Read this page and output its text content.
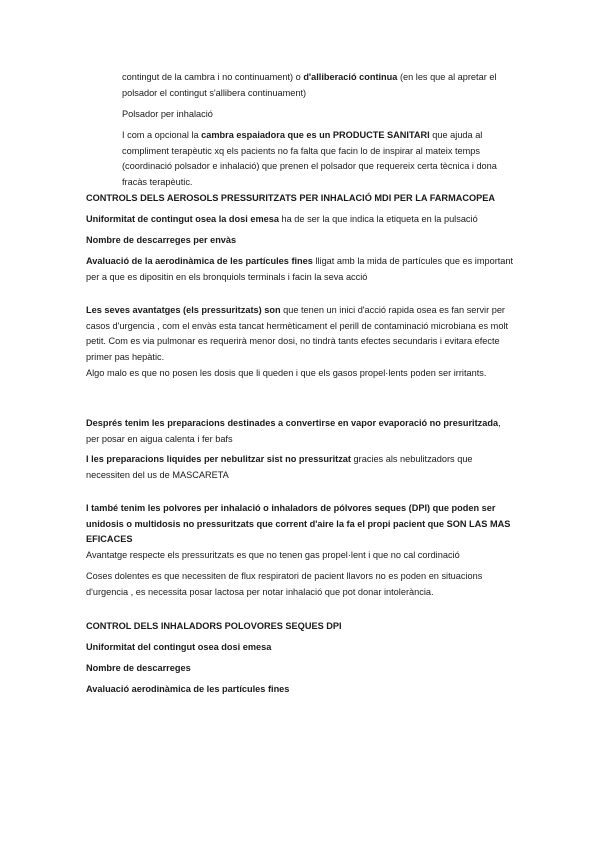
contingut de la cambra i no continuament) o d'alliberació continua (en les que al apretar el polsador el contingut s'allibera continuament)

Polsador per inhalació

I com a opcional la cambra espaiadora que es un PRODUCTE SANITARI que ajuda al compliment terapèutic xq els pacients no fa falta que facin lo de inspirar al mateix temps (coordinació polsador e inhalació) que prenen el polsador que requereix certa tècnica i dona fracàs terapèutic.

CONTROLS DELS AEROSOLS PRESSURITZATS PER INHALACIÓ MDI PER LA FARMACOPEA

Uniformitat de contingut osea la dosi emesa ha de ser la que indica la etiqueta en la pulsació

Nombre de descarreges per envàs

Avaluació de la aerodinàmica de les partícules fines lligat amb la mida de partícules que es important per a que es dipositin en els bronquiols terminals i facin la seva acció

Les seves avantatges (els pressuritzats) son que tenen un inici d'acció rapida osea es fan servir per casos d'urgencia , com el envàs esta tancat hermèticament el perill de contaminació microbiana es molt petit. Com es via pulmonar es requerirà menor dosi, no tindrà tants efectes secundaris i evitara efecte primer pas hepàtic.

Algo malo es que no posen les dosis que li queden i que els gasos propel·lents poden ser irritants.

Després tenim les preparacions destinades a convertirse en vapor evaporació no presuritzada, per posar en aigua calenta i fer bafs

I les preparacions liquides per nebulitzar sist no pressuritzat gracies als nebulitzadors que necessiten del us de MASCARETA

I també tenim les polvores per inhalació o inhaladors de pólvores seques (DPI) que poden ser unidosis o multidosis no pressuritzats que corrent d'aire la fa el propi pacient que SON LAS MAS EFICACES

Avantatge respecte els pressuritzats es que no tenen gas propel·lent i que no cal cordinació

Coses dolentes es que necessiten de flux respiratori de pacient llavors no es poden en situacions d'urgencia , es necessita posar lactosa per notar inhalació que pot donar intolerància.

CONTROL DELS INHALADORS POLOVORES SEQUES DPI

Uniformitat del contingut osea dosi emesa

Nombre de descarreges

Avaluació aerodinàmica de les partícules fines
